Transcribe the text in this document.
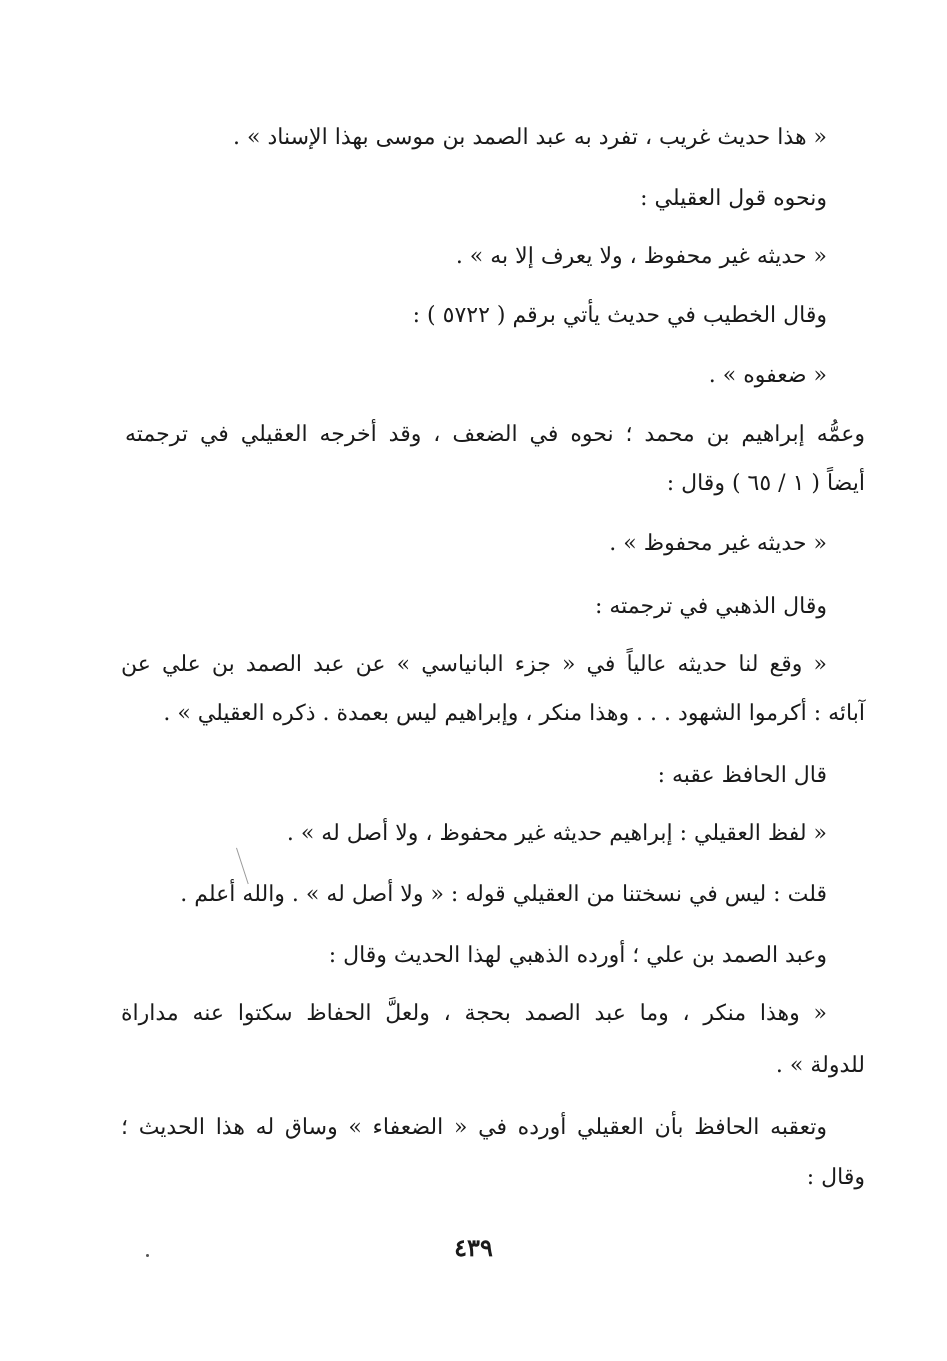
« هذا حديث غريب ، تفرد به عبد الصمد بن موسى بهذا الإسناد » .
ونحوه قول العقيلي :
« حديثه غير محفوظ ، ولا يعرف إلا به » .
وقال الخطيب في حديث يأتي برقم ( ٥٧٢٢ ) :
« ضعفوه » .
وعمُّه إبراهيم بن محمد ؛ نحوه في الضعف ، وقد أخرجه العقيلي في ترجمته
أيضاً ( ١ / ٦٥ ) وقال :
« حديثه غير محفوظ » .
وقال الذهبي في ترجمته :
« وقع لنا حديثه عالياً في « جزء البانياسي » عن عبد الصمد بن علي عن
آبائه : أكرموا الشهود . . . وهذا منكر ، وإبراهيم ليس بعمدة . ذكره العقيلي » .
قال الحافظ عقبه :
« لفظ العقيلي : إبراهيم حديثه غير محفوظ ، ولا أصل له » .
قلت : ليس في نسختنا من العقيلي قوله : « ولا أصل له » . والله أعلم .
وعبد الصمد بن علي ؛ أورده الذهبي لهذا الحديث وقال :
« وهذا منكر ، وما عبد الصمد بحجة ، ولعلَّ الحفاظ سكتوا عنه مداراة
للدولة » .
وتعقبه الحافظ بأن العقيلي أورده في « الضعفاء » وساق له هذا الحديث ؛
وقال :
٤٣٩
